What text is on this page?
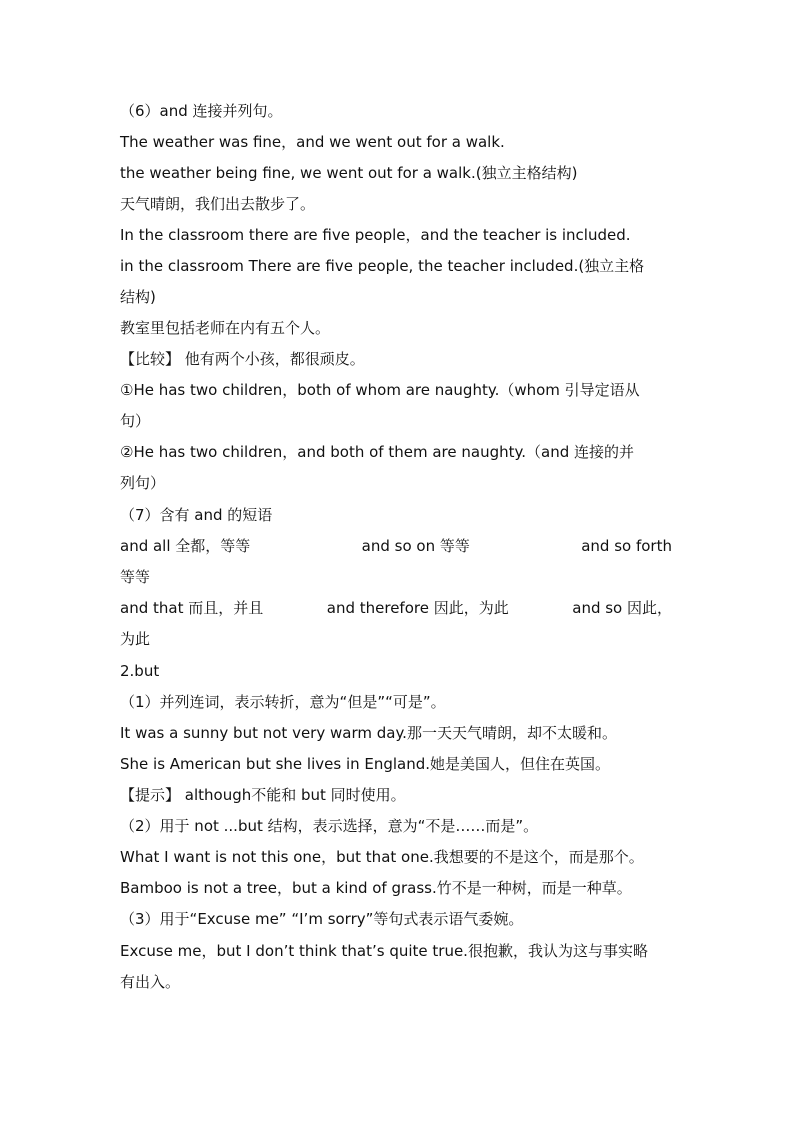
（6）and 连接并列句。
The weather was fine，and we went out for a walk.
the weather being fine, we went out for a walk.(独立主格结构)
天气晴朗，我们出去散步了。
In the classroom there are five people，and the teacher is included.
in the classroom There are five people, the teacher included.(独立主格
结构)
教室里包括老师在内有五个人。
【比较】 他有两个小孩，都很顽皮。
①He has two children，both of whom are naughty.（whom 引导定语从
句）
②He has two children，and both of them are naughty.（and 连接的并
列句）
（7）含有 and 的短语
and all 全都，等等	and so on 等等	and so forth
等等
and that 而且，并且	and therefore 因此，为此	and so 因此，
为此
2.but
（1）并列连词，表示转折，意为“但是”“可是”。
It was a sunny but not very warm day.那一天天气晴朗，却不太暖和。
She is American but she lives in England.她是美国人，但住在英国。
【提示】 although不能和 but 同时使用。
（2）用于 not ...but 结构，表示选择，意为“不是……而是”。
What I want is not this one，but that one.我想要的不是这个，而是那个。
Bamboo is not a tree，but a kind of grass.竹不是一种树，而是一种草。
（3）用于“Excuse me” “I’m sorry”等句式表示语气委婉。
Excuse me，but I don’t think that’s quite true.很抱歉，我认为这与事实略
有出入。
